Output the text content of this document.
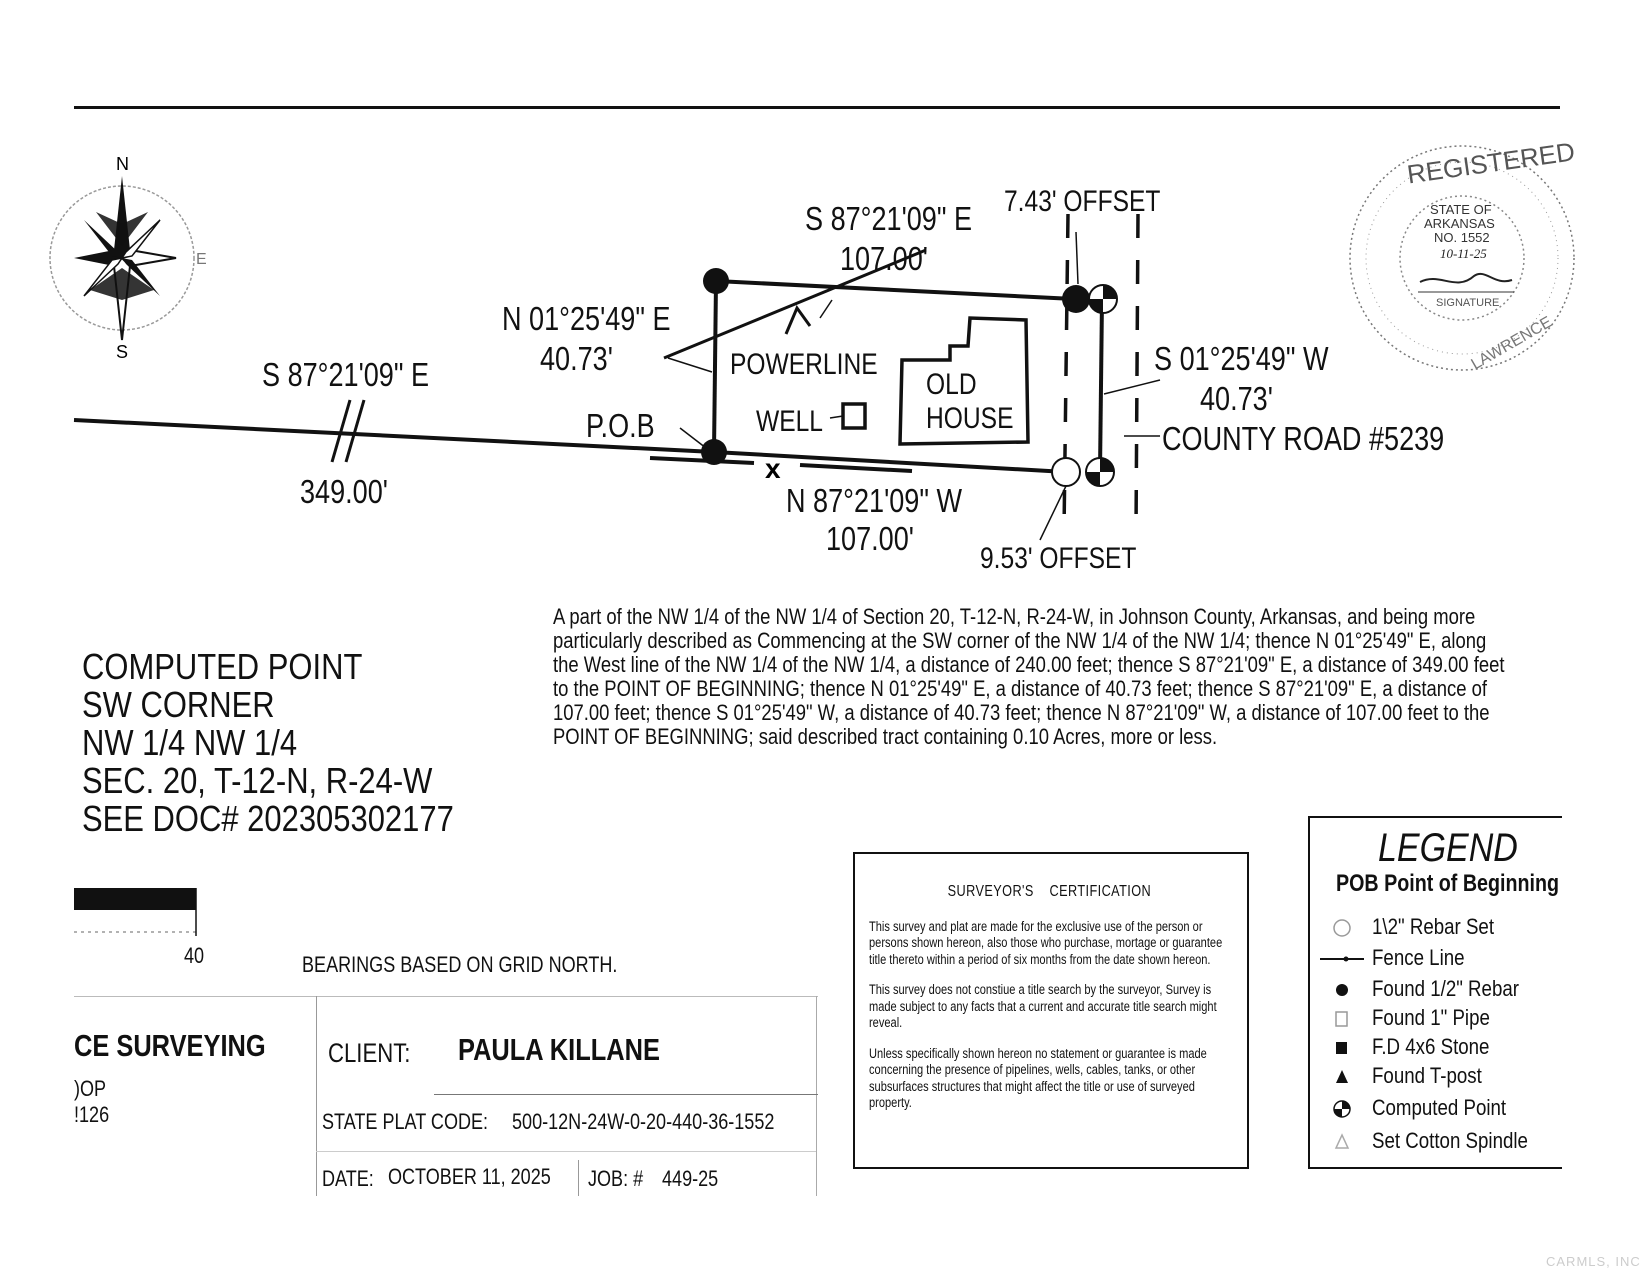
N
S
E
x
REGISTERED
STATE OF
ARKANSAS
NO. 1552
10-11-25
SIGNATURE
LAWRENCE
S 87°21'09" E
349.00'
S 87°21'09" E
107.00'
7.43' OFFSET
N 01°25'49" E
40.73'	POWERLINE
P.O.B	WELL
OLD
HOUSE
S 01°25'49" W
40.73'
COUNTY ROAD #5239
N 87°21'09" W
107.00'
9.53' OFFSET
A part of the NW 1/4 of the NW 1/4 of Section 20, T-12-N, R-24-W, in Johnson County, Arkansas, and being more particularly described as Commencing at the SW corner of the NW 1/4 of the NW 1/4; thence N 01°25'49" E, along the West line of the NW 1/4 of the NW 1/4, a distance of 240.00 feet; thence S 87°21'09" E, a distance of 349.00 feet to the POINT OF BEGINNING; thence N 01°25'49" E, a distance of 40.73 feet; thence S 87°21'09" E, a distance of 107.00 feet; thence S 01°25'49" W, a distance of 40.73 feet; thence N 87°21'09" W, a distance of 107.00 feet to the POINT OF BEGINNING; said described tract containing 0.10 Acres, more or less.
COMPUTED POINT
SW CORNER
NW 1/4 NW 1/4
SEC. 20, T-12-N, R-24-W
SEE DOC# 202305302177
40	BEARINGS BASED ON GRID NORTH.
SURVEYOR'S    CERTIFICATION

This survey and plat are made for the exclusive use of the person or persons shown hereon, also those who purchase, mortage or guarantee title thereto within a period of six months from the date shown hereon.

This survey does not constiue a title search by the surveyor, Survey is made subject to any facts that a current and accurate title search might reveal.

Unless specifically shown hereon no statement or guarantee is made concerning the presence of pipelines, wells, cables, tanks, or other subsurfaces structures that might affect the title or use of surveyed property.

LEGEND
POB Point of Beginning
1\2" Rebar Set
Fence Line
Found 1/2" Rebar
Found 1" Pipe
F.D 4x6 Stone
Found T-post
Computed Point
Set Cotton Spindle
CE SURVEYING
)OP
!126
CLIENT: PAULA KILLANE
STATE PLAT CODE: 500-12N-24W-0-20-440-36-1552
DATE: OCTOBER 11, 2025 JOB: # 449-25
CARMLS, INC
